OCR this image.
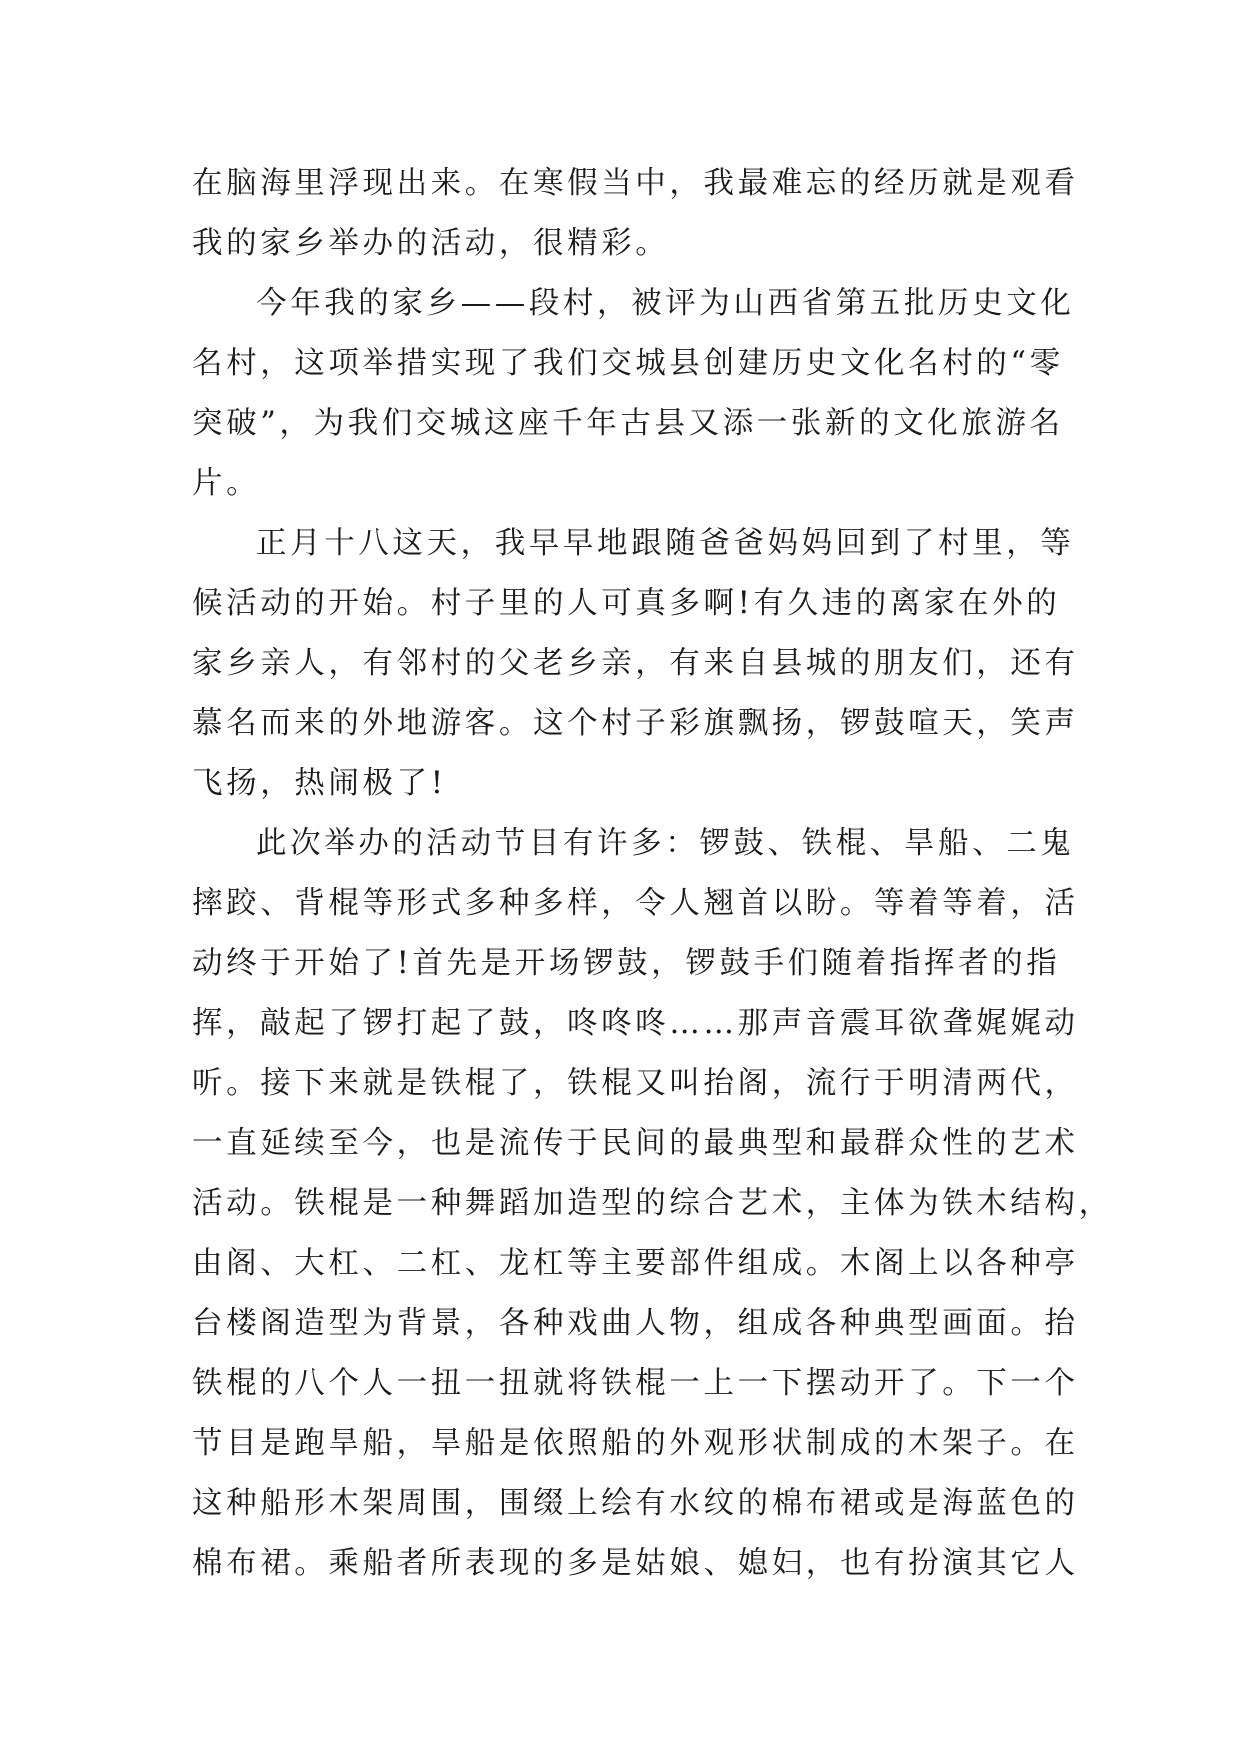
在脑海里浮现出来。在寒假当中，我最难忘的经历就是观看
我的家乡举办的活动，很精彩。
今年我的家乡——段村，被评为山西省第五批历史文化
名村，这项举措实现了我们交城县创建历史文化名村的“零
突破”，为我们交城这座千年古县又添一张新的文化旅游名
片。
正月十八这天，我早早地跟随爸爸妈妈回到了村里，等
候活动的开始。村子里的人可真多啊!有久违的离家在外的
家乡亲人，有邻村的父老乡亲，有来自县城的朋友们，还有
慕名而来的外地游客。这个村子彩旗飘扬，锣鼓喧天，笑声
飞扬，热闹极了!
此次举办的活动节目有许多：锣鼓、铁棍、旱船、二鬼
摔跤、背棍等形式多种多样，令人翘首以盼。等着等着，活
动终于开始了!首先是开场锣鼓，锣鼓手们随着指挥者的指
挥，敲起了锣打起了鼓，咚咚咚……那声音震耳欲聋娓娓动
听。接下来就是铁棍了，铁棍又叫抬阁，流行于明清两代，
一直延续至今，也是流传于民间的最典型和最群众性的艺术
活动。铁棍是一种舞蹈加造型的综合艺术，主体为铁木结构，
由阁、大杠、二杠、龙杠等主要部件组成。木阁上以各种亭
台楼阁造型为背景，各种戏曲人物，组成各种典型画面。抬
铁棍的八个人一扭一扭就将铁棍一上一下摆动开了。下一个
节目是跑旱船，旱船是依照船的外观形状制成的木架子。在
这种船形木架周围，围缀上绘有水纹的棉布裙或是海蓝色的
棉布裙。乘船者所表现的多是姑娘、媳妇，也有扮演其它人
